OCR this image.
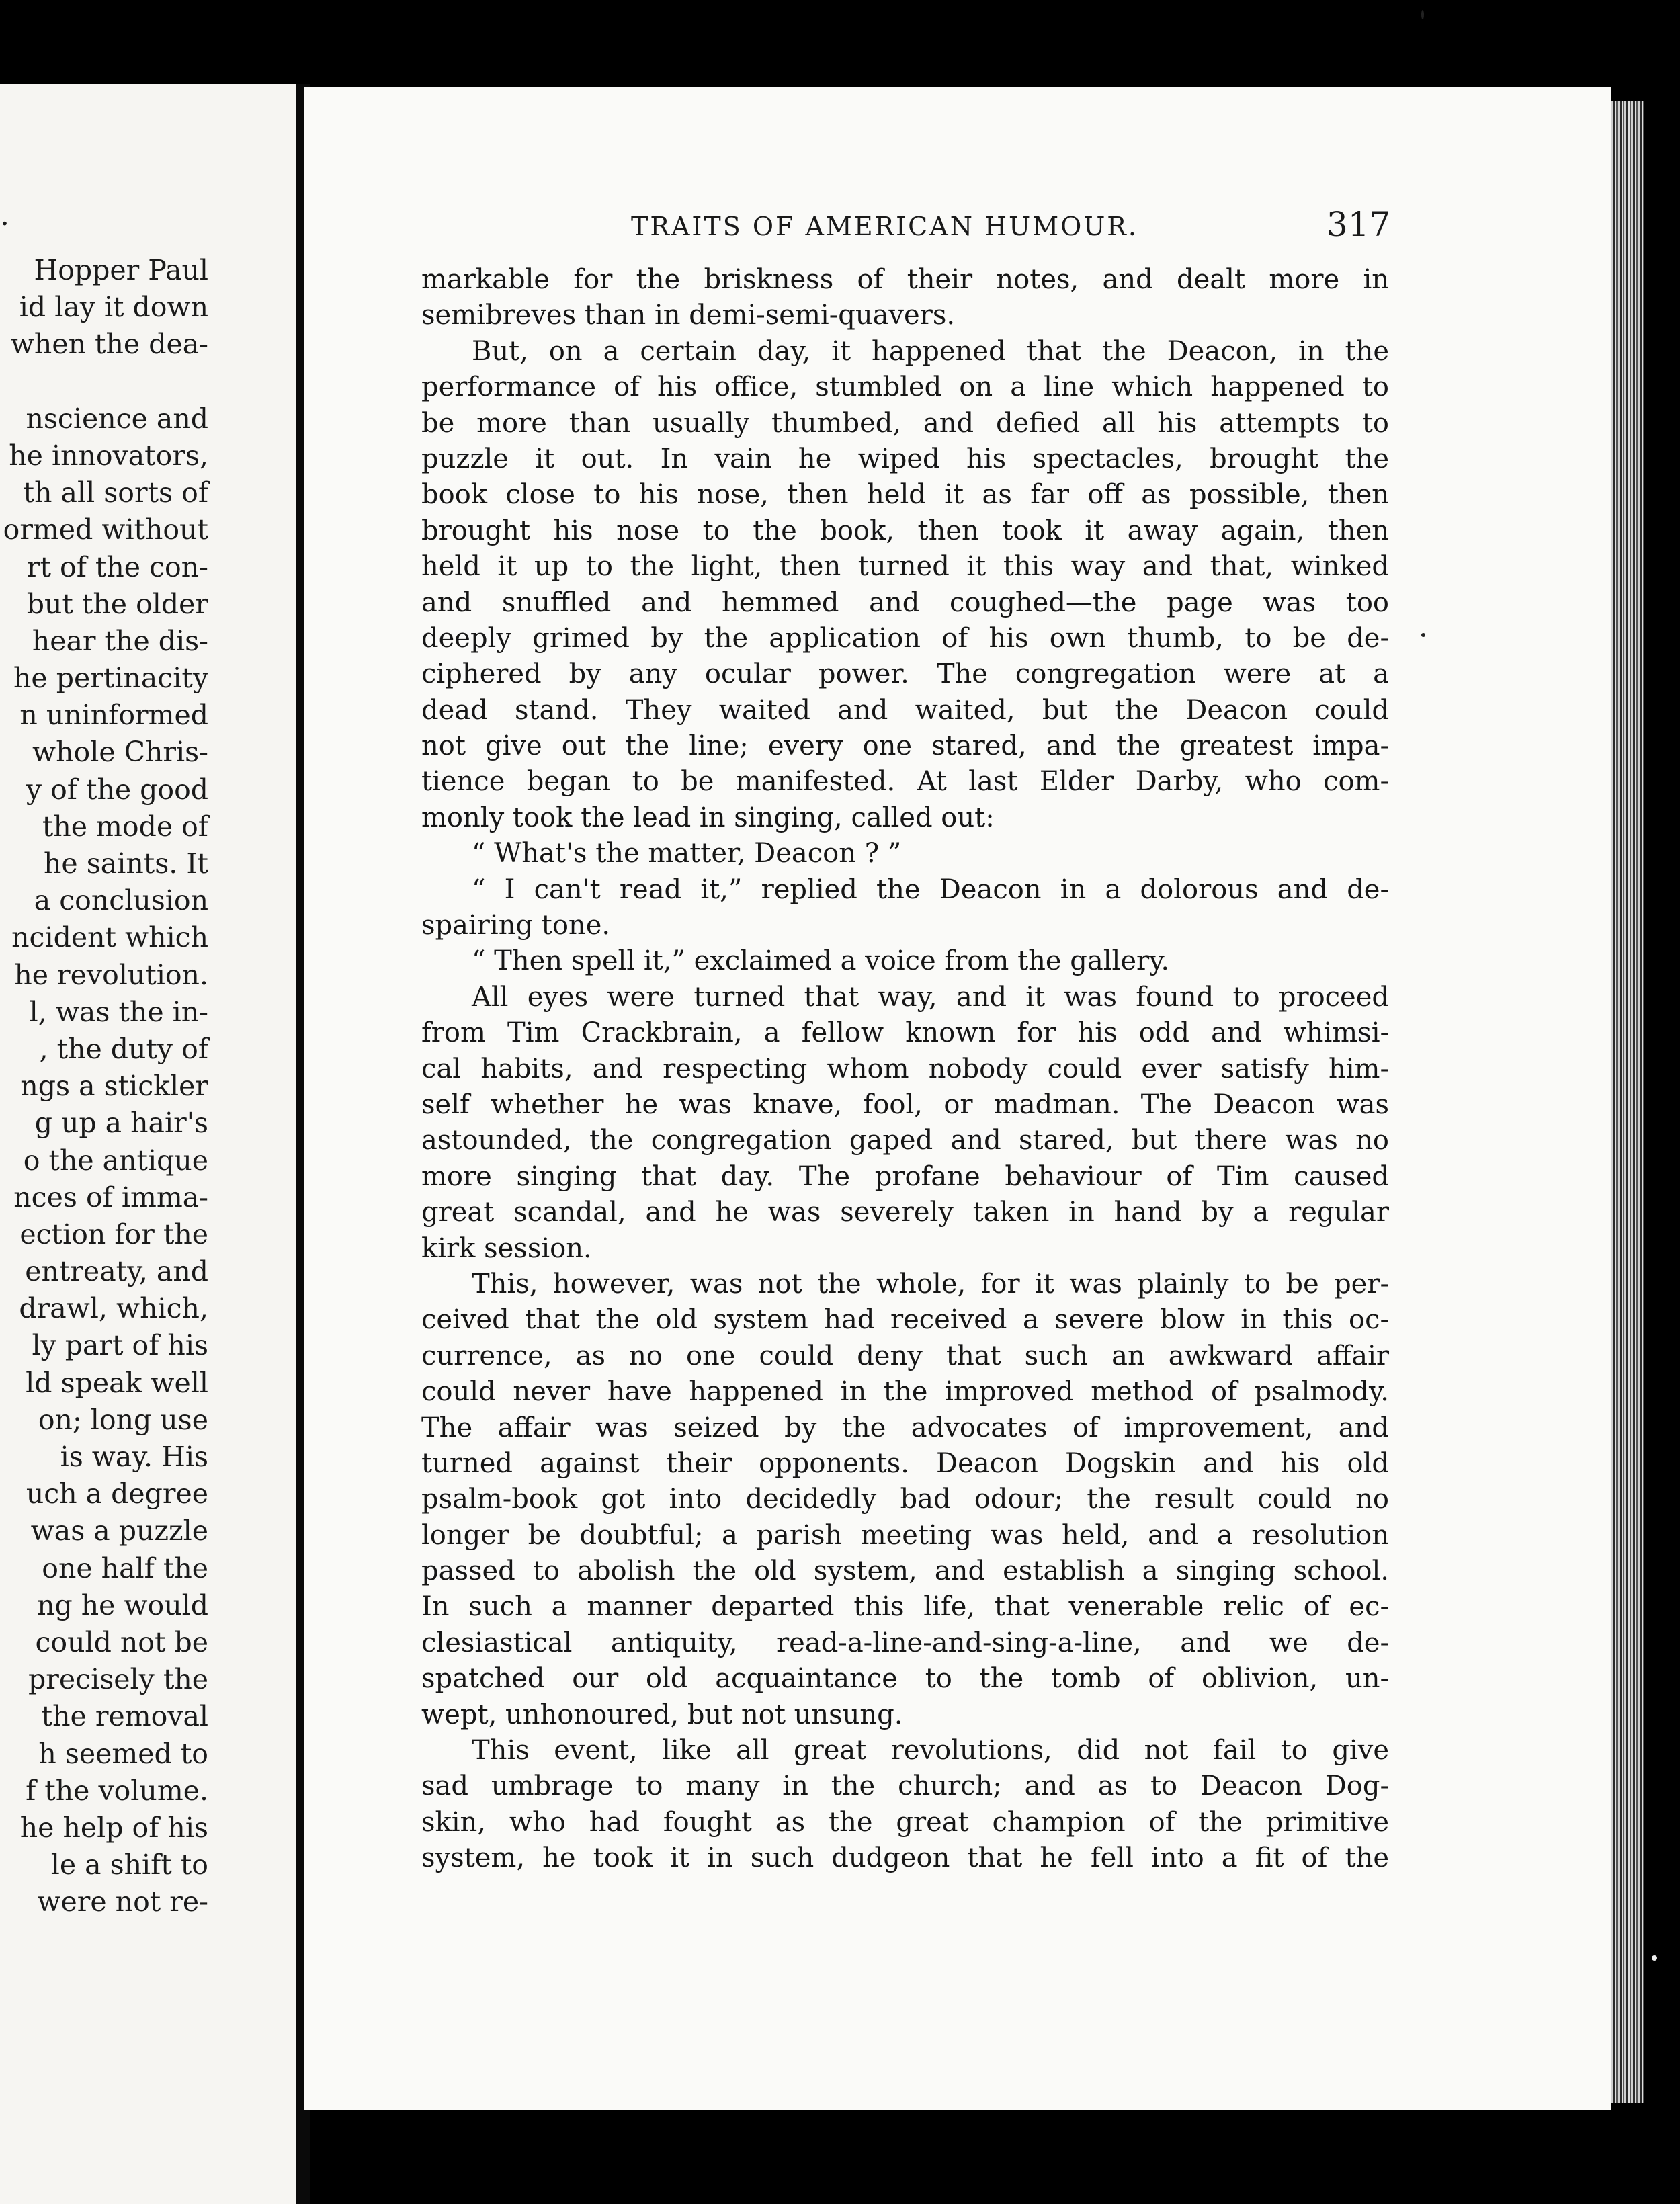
.
Hopper Paul
id lay it down
when the dea-
nscience and
he innovators,
th all sorts of
ormed without
rt of the con-
but the older
hear the dis-
he pertinacity
n uninformed
whole Chris-
y of the good
the mode of
he saints. It
a conclusion
ncident which
he revolution.
l, was the in-
, the duty of
ngs a stickler
g up a hair's
o the antique
nces of imma-
ection for the
entreaty, and
drawl, which,
ly part of his
ld speak well
on; long use
is way. His
uch a degree
was a puzzle
one half the
ng he would
could not be
precisely the
the removal
h seemed to
f the volume.
he help of his
le a shift to
were not re-
TRAITS OF AMERICAN HUMOUR.	317
markable for the briskness of their notes, and dealt more in
semibreves than in demi-semi-quavers.
But, on a certain day, it happened that the Deacon, in the
performance of his office, stumbled on a line which happened to
be more than usually thumbed, and defied all his attempts to
puzzle it out. In vain he wiped his spectacles, brought the
book close to his nose, then held it as far off as possible, then
brought his nose to the book, then took it away again, then
held it up to the light, then turned it this way and that, winked
and snuffled and hemmed and coughed—the page was too
deeply grimed by the application of his own thumb, to be de-
ciphered by any ocular power. The congregation were at a
dead stand. They waited and waited, but the Deacon could
not give out the line; every one stared, and the greatest impa-
tience began to be manifested. At last Elder Darby, who com-
monly took the lead in singing, called out:
“ What's the matter, Deacon ? ”
“ I can't read it,” replied the Deacon in a dolorous and de-
spairing tone.
“ Then spell it,” exclaimed a voice from the gallery.
All eyes were turned that way, and it was found to proceed
from Tim Crackbrain, a fellow known for his odd and whimsi-
cal habits, and respecting whom nobody could ever satisfy him-
self whether he was knave, fool, or madman. The Deacon was
astounded, the congregation gaped and stared, but there was no
more singing that day. The profane behaviour of Tim caused
great scandal, and he was severely taken in hand by a regular
kirk session.
This, however, was not the whole, for it was plainly to be per-
ceived that the old system had received a severe blow in this oc-
currence, as no one could deny that such an awkward affair
could never have happened in the improved method of psalmody.
The affair was seized by the advocates of improvement, and
turned against their opponents. Deacon Dogskin and his old
psalm-book got into decidedly bad odour; the result could no
longer be doubtful; a parish meeting was held, and a resolution
passed to abolish the old system, and establish a singing school.
In such a manner departed this life, that venerable relic of ec-
clesiastical antiquity, read-a-line-and-sing-a-line, and we de-
spatched our old acquaintance to the tomb of oblivion, un-
wept, unhonoured, but not unsung.
This event, like all great revolutions, did not fail to give
sad umbrage to many in the church; and as to Deacon Dog-
skin, who had fought as the great champion of the primitive
system, he took it in such dudgeon that he fell into a fit of the
